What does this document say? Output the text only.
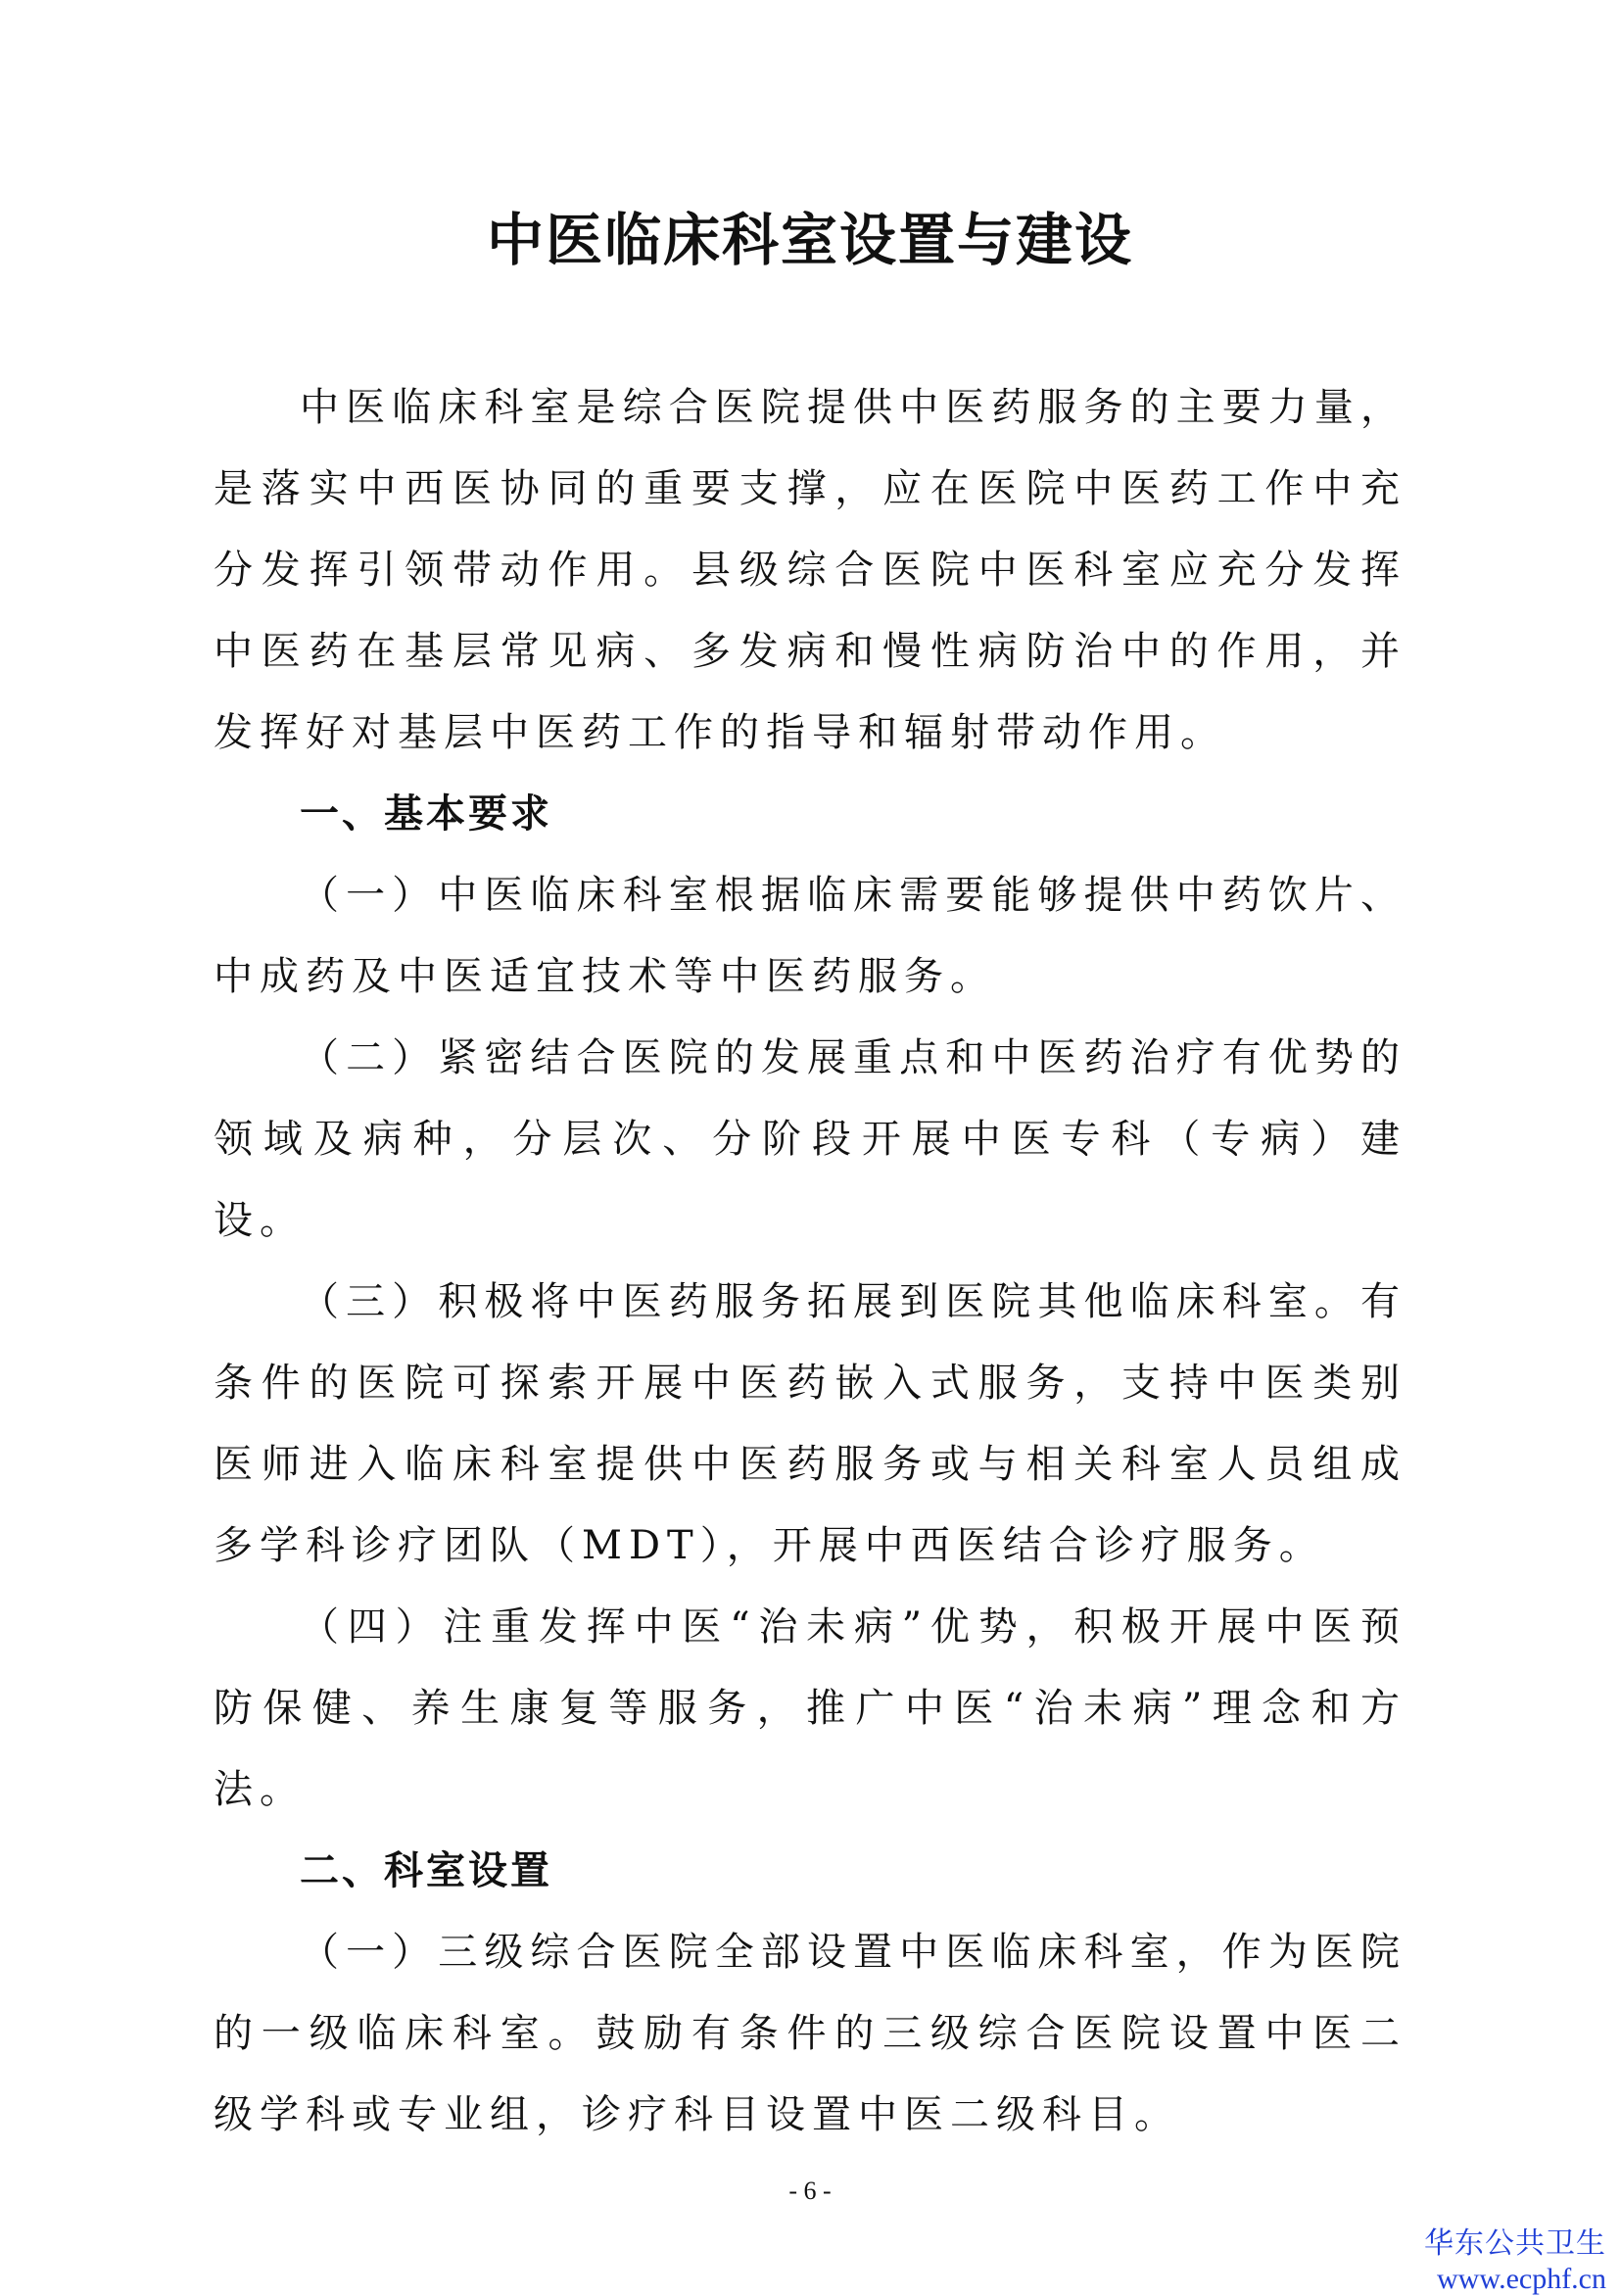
中医临床科室设置与建设

中医临床科室是综合医院提供中医药服务的主要力量，是落实中西医协同的重要支撑，应在医院中医药工作中充分发挥引领带动作用。县级综合医院中医科室应充分发挥中医药在基层常见病、多发病和慢性病防治中的作用，并发挥好对基层中医药工作的指导和辐射带动作用。

一、基本要求

（一）中医临床科室根据临床需要能够提供中药饮片、中成药及中医适宜技术等中医药服务。

（二）紧密结合医院的发展重点和中医药治疗有优势的领域及病种，分层次、分阶段开展中医专科（专病）建设。

（三）积极将中医药服务拓展到医院其他临床科室。有条件的医院可探索开展中医药嵌入式服务，支持中医类别医师进入临床科室提供中医药服务或与相关科室人员组成多学科诊疗团队（MDT），开展中西医结合诊疗服务。

（四）注重发挥中医“治未病”优势，积极开展中医预防保健、养生康复等服务，推广中医“治未病”理念和方法。

二、科室设置

（一）三级综合医院全部设置中医临床科室，作为医院的一级临床科室。鼓励有条件的三级综合医院设置中医二级学科或专业组，诊疗科目设置中医二级科目。

- 6 -
华东公共卫生
www.ecphf.cn
